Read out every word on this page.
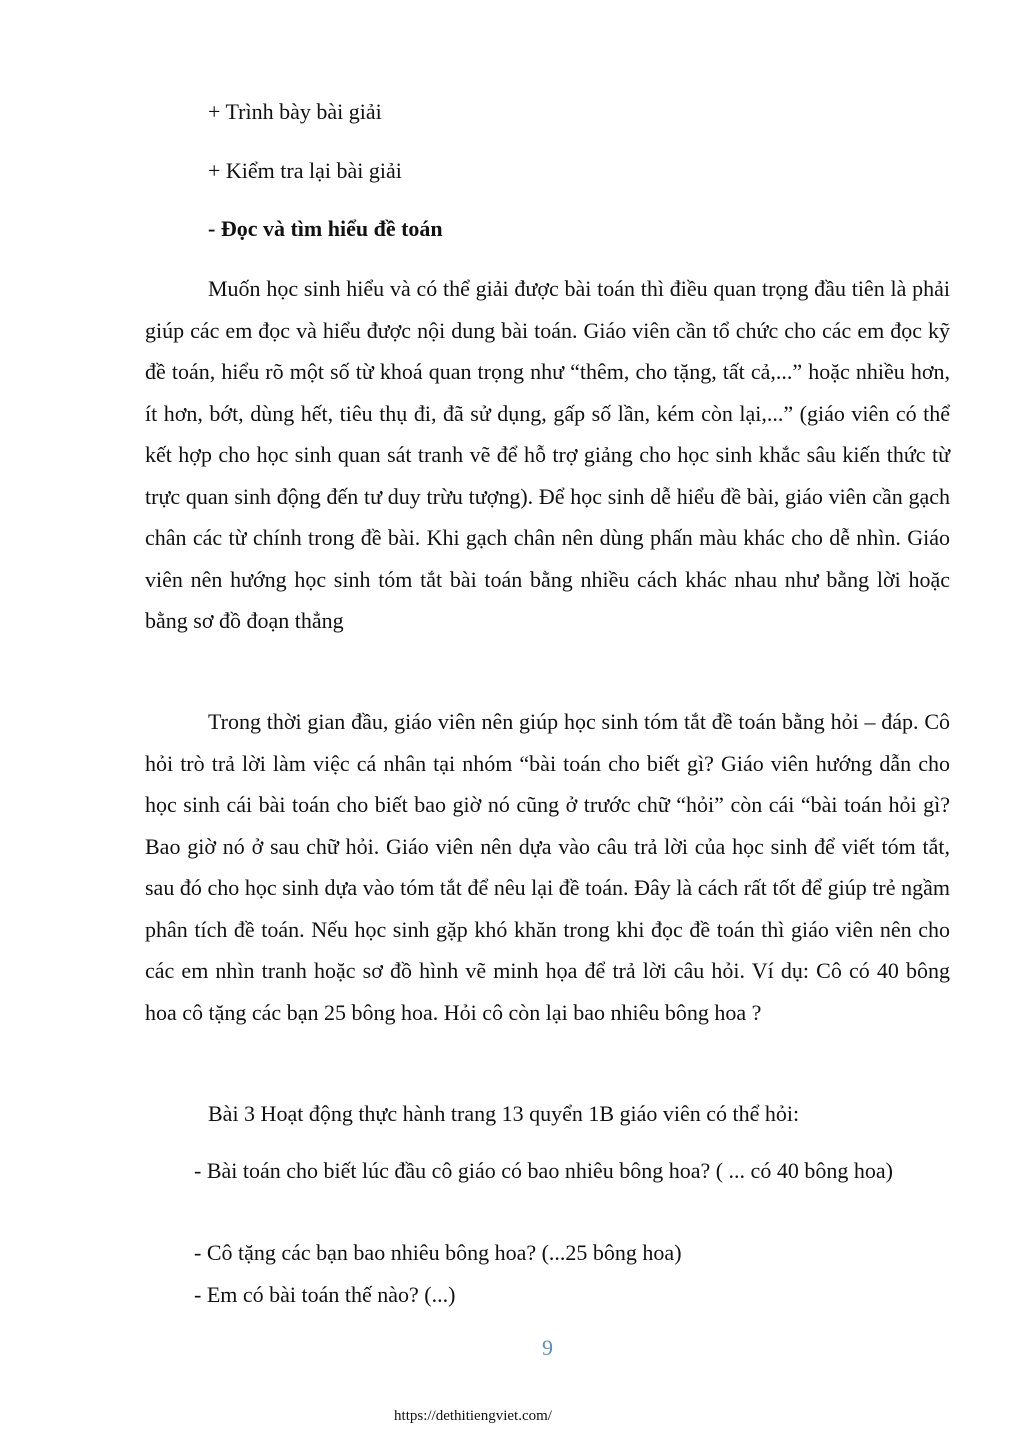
+ Trình bày bài giải

+ Kiểm tra lại bài giải

- Đọc và tìm hiểu đề toán

Muốn học sinh hiểu và có thể giải được bài toán thì điều quan trọng đầu tiên là phải giúp các em đọc và hiểu được nội dung bài toán. Giáo viên cần tổ chức cho các em đọc kỹ đề toán, hiểu rõ một số từ khoá quan trọng như “thêm, cho tặng, tất cả,...” hoặc nhiều hơn, ít hơn, bớt, dùng hết, tiêu thụ đi, đã sử dụng, gấp số lần, kém còn lại,...” (giáo viên có thể kết hợp cho học sinh quan sát tranh vẽ để hỗ trợ giảng cho học sinh khắc sâu kiến thức từ trực quan sinh động đến tư duy trừu tượng). Để học sinh dễ hiểu đề bài, giáo viên cần gạch chân các từ chính trong đề bài. Khi gạch chân nên dùng phấn màu khác cho dễ nhìn. Giáo viên nên hướng học sinh tóm tắt bài toán bằng nhiều cách khác nhau như bằng lời hoặc bằng sơ đồ đoạn thẳng

Trong thời gian đầu, giáo viên nên giúp học sinh tóm tắt đề toán bằng hỏi – đáp. Cô hỏi trò trả lời làm việc cá nhân tại nhóm “bài toán cho biết gì? Giáo viên hướng dẫn cho học sinh cái bài toán cho biết bao giờ nó cũng ở trước chữ “hỏi” còn cái “bài toán hỏi gì? Bao giờ nó ở sau chữ hỏi. Giáo viên nên dựa vào câu trả lời của học sinh để viết tóm tắt, sau đó cho học sinh dựa vào tóm tắt để nêu lại đề toán. Đây là cách rất tốt để giúp trẻ ngầm phân tích đề toán. Nếu học sinh gặp khó khăn trong khi đọc đề toán thì giáo viên nên cho các em nhìn tranh hoặc sơ đồ hình vẽ minh họa để trả lời câu hỏi. Ví dụ: Cô có 40 bông hoa cô tặng các bạn 25 bông hoa. Hỏi cô còn lại bao nhiêu bông hoa ?

Bài 3 Hoạt động thực hành trang 13 quyển 1B giáo viên có thể hỏi:

- Bài toán cho biết lúc đầu cô giáo có bao nhiêu bông hoa? ( ... có 40 bông hoa)

- Cô tặng các bạn bao nhiêu bông hoa? (...25 bông hoa)

- Em có bài toán thế nào? (...)

9
https://dethitiengviet.com/
